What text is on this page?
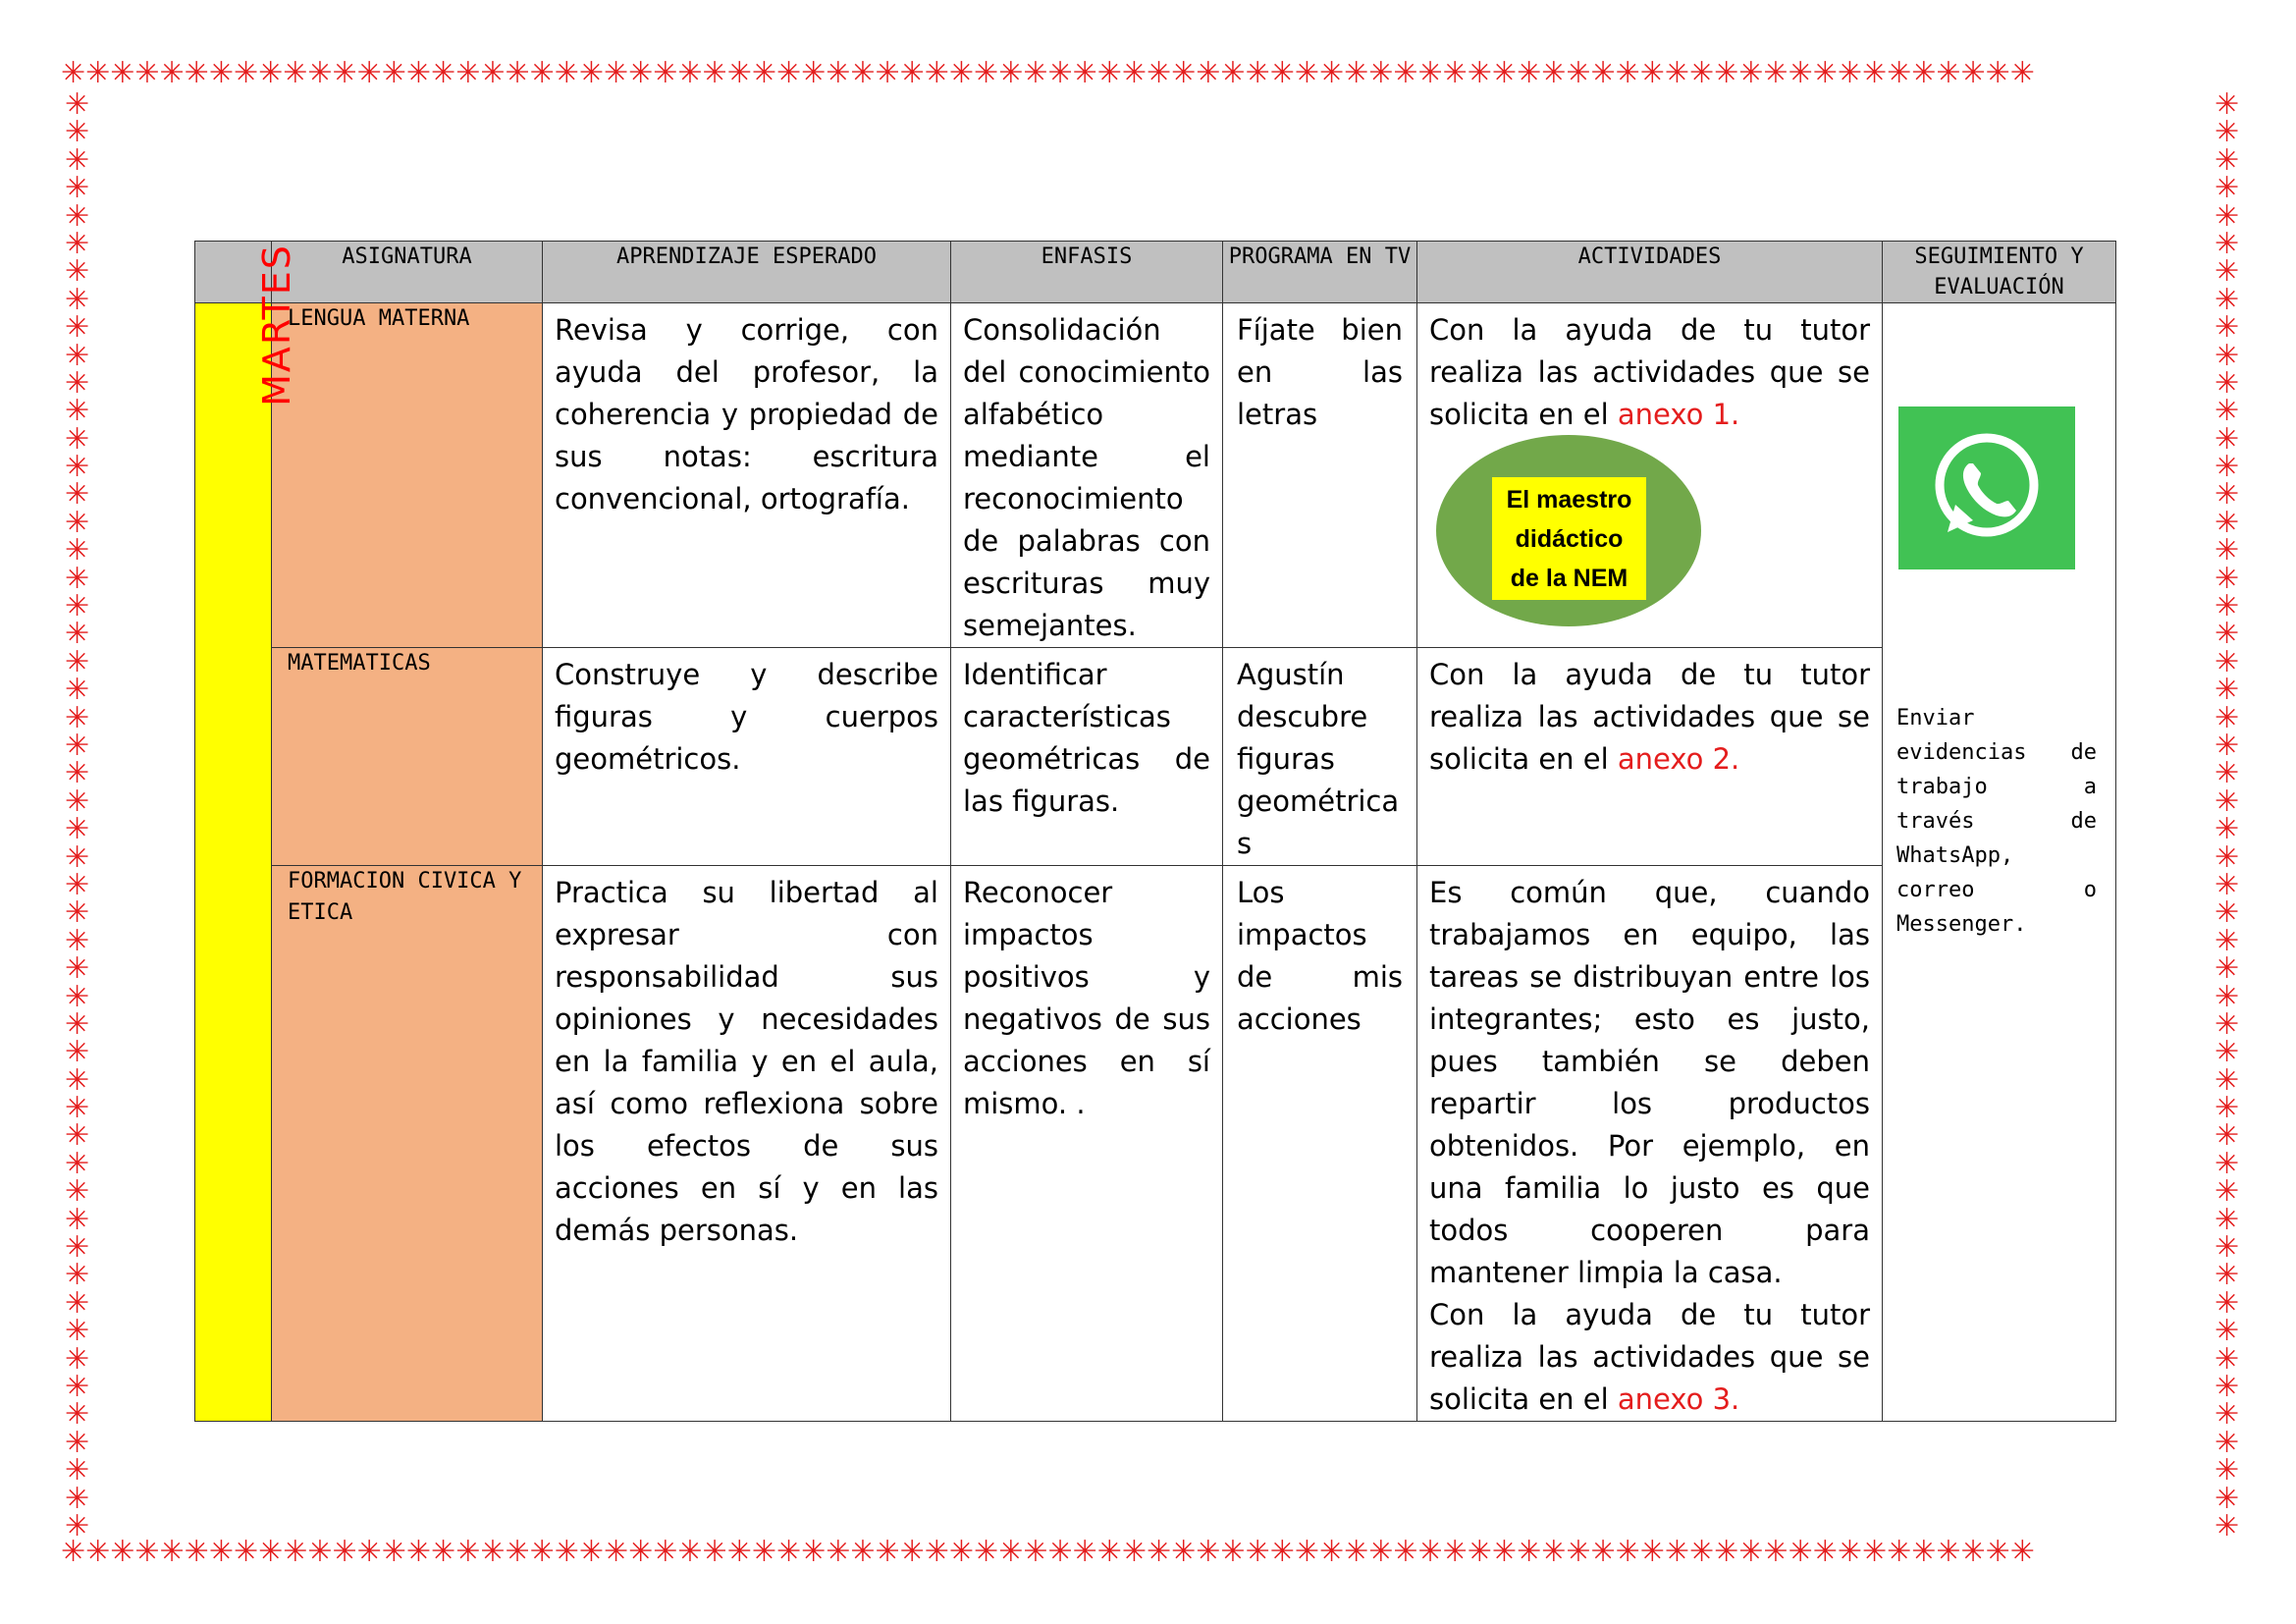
✳✳✳✳✳✳✳✳✳✳✳✳✳✳✳✳✳✳✳✳✳✳✳✳✳✳✳✳✳✳✳✳✳✳✳✳✳✳✳✳✳✳✳✳✳✳✳✳✳✳✳✳✳✳✳✳✳✳✳✳✳✳✳✳✳✳✳✳✳✳✳✳✳✳✳✳✳✳✳✳
✳✳✳✳✳✳✳✳✳✳✳✳✳✳✳✳✳✳✳✳✳✳✳✳✳✳✳✳✳✳✳✳✳✳✳✳✳✳✳✳✳✳✳✳✳✳✳✳✳✳✳✳✳✳✳✳✳✳✳✳✳✳✳✳✳✳✳✳✳✳✳✳✳✳✳✳✳✳✳✳
✳
✳
✳
✳
✳
✳
✳
✳
✳
✳
✳
✳
✳
✳
✳
✳
✳
✳
✳
✳
✳
✳
✳
✳
✳
✳
✳
✳
✳
✳
✳
✳
✳
✳
✳
✳
✳
✳
✳
✳
✳
✳
✳
✳
✳
✳
✳
✳
✳
✳
✳
✳
✳
✳
✳
✳
✳
✳
✳
✳
✳
✳
✳
✳
✳
✳
✳
✳
✳
✳
✳
✳
✳
✳
✳
✳
✳
✳
✳
✳
✳
✳
✳
✳
✳
✳
✳
✳
✳
✳
✳
✳
✳
✳
✳
✳
✳
✳
✳
✳
✳
✳
✳
✳
	ASIGNATURA	APRENDIZAJE ESPERADO	ENFASIS	PROGRAMA EN TV	ACTIVIDADES	SEGUIMIENTO Y EVALUACIÓN
MARTES	LENGUA MATERNA	Revisa y corrige, con ayuda del profesor, la coherencia y propiedad de sus notas: escritura convencional, ortografía.	Consolidación del conocimiento alfabético mediante el reconocimiento de palabras con escrituras muy semejantes.	Fíjate bien en las letras	Con la ayuda de tu tutor realiza las actividades que se solicita en el anexo 1.	Enviar evidencias de trabajo a través de WhatsApp, correo o Messenger.

	MATEMATICAS	Construye y describe figuras y cuerpos geométricos.	Identificar características geométricas de las figuras.	Agustín descubre figuras geométrica s	Con la ayuda de tu tutor realiza las actividades que se solicita en el anexo 2.	

	FORMACION CIVICA Y ETICA	Practica su libertad al expresar con responsabilidad sus opiniones y necesidades en la familia y en el aula, así como reflexiona sobre los efectos de sus acciones en sí y en las demás personas.	Reconocer impactos positivos y negativos de sus acciones en sí mismo. .	Los impactos de mis acciones	Es común que, cuando trabajamos en equipo, las tareas se distribuyan entre los integrantes; esto es justo, pues también se deben repartir los productos obtenidos. Por ejemplo, en una familia lo justo es que todos cooperen para mantener limpia la casa.
Con la ayuda de tu tutor realiza las actividades que se solicita en el anexo 3.	
El maestro
didáctico
de la NEM
